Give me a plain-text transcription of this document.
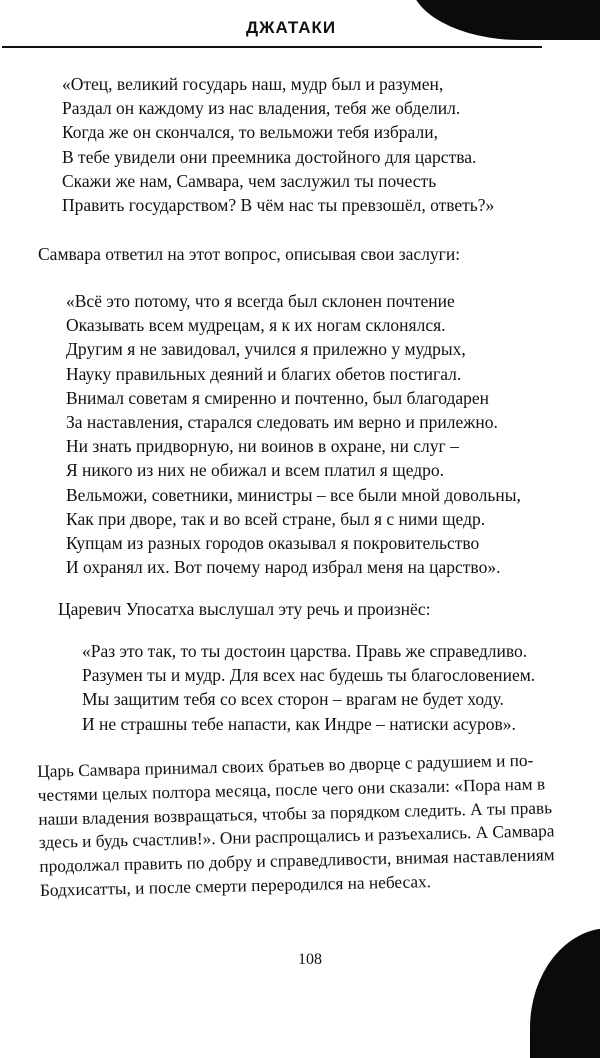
ДЖАТАКИ
«Отец, великий государь наш, мудр был и разумен,
Раздал он каждому из нас владения, тебя же обделил.
Когда же он скончался, то вельможи тебя избрали,
В тебе увидели они преемника достойного для царства.
Скажи же нам, Самвара, чем заслужил ты почесть
Править государством? В чём нас ты превзошёл, ответь?»
Самвара ответил на этот вопрос, описывая свои заслуги:
«Всё это потому, что я всегда был склонен почтение
Оказывать всем мудрецам, я к их ногам склонялся.
Другим я не завидовал, учился я прилежно у мудрых,
Науку правильных деяний и благих обетов постигал.
Внимал советам я смиренно и почтенно, был благодарен
За наставления, старался следовать им верно и прилежно.
Ни знать придворную, ни воинов в охране, ни слуг –
Я никого из них не обижал и всем платил я щедро.
Вельможи, советники, министры – все были мной довольны,
Как при дворе, так и во всей стране, был я с ними щедр.
Купцам из разных городов оказывал я покровительство
И охранял их. Вот почему народ избрал меня на царство».
Царевич Упосатха выслушал эту речь и произнёс:
«Раз это так, то ты достоин царства. Правь же справедливо.
Разумен ты и мудр. Для всех нас будешь ты благословением.
Мы защитим тебя со всех сторон – врагам не будет ходу.
И не страшны тебе напасти, как Индре – натиски асуров».
Царь Самвара принимал своих братьев во дворце с радушием и по-
честями целых полтора месяца, после чего они сказали: «Пора нам в
наши владения возвращаться, чтобы за порядком следить. А ты правь
здесь и будь счастлив!». Они распрощались и разъехались. А Самвара
продолжал править по добру и справедливости, внимая наставлениям
Бодхисатты, и после смерти переродился на небесах.
108
